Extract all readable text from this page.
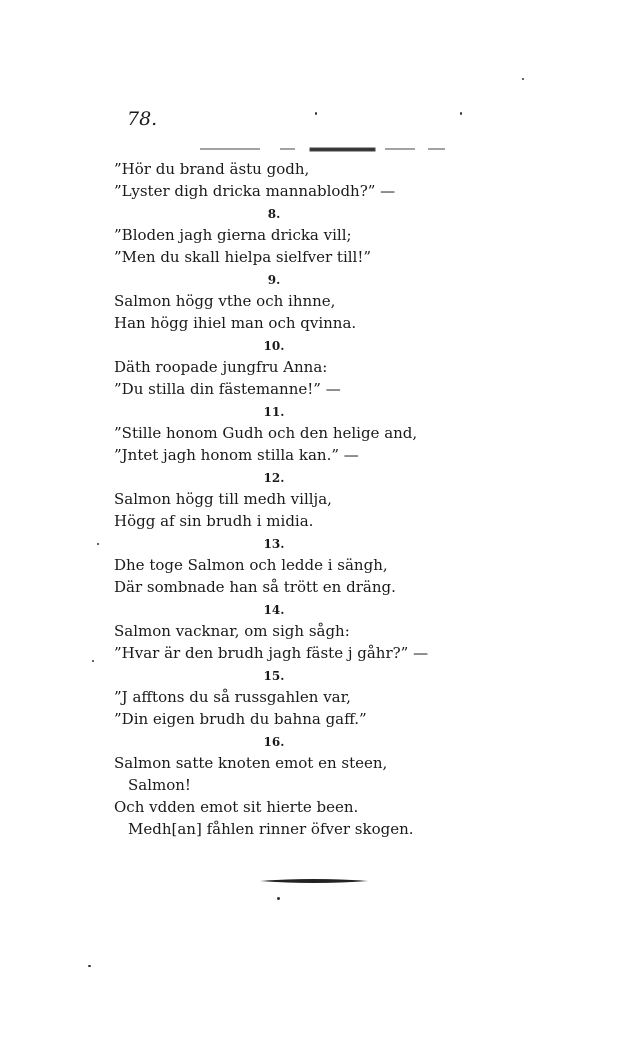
78.
”Hör du brand ästu godh,
”Lyster digh dricka mannablodh?” —
8.
”Bloden jagh gierna dricka vill;
”Men du skall hielpa sielfver till!”
9.
Salmon högg vthe och ihnne,
Han högg ihiel man och qvinna.
10.
Däth roopade jungfru Anna:
”Du stilla din fästemanne!” —
11.
”Stille honom Gudh och den helige and,
”Jntet jagh honom stilla kan.” —
12.
Salmon högg till medh villja,
Högg af sin brudh i midia.
13.
Dhe toge Salmon och ledde i sängh,
Där sombnade han så trött en dräng.
14.
Salmon vacknar, om sigh sågh:
”Hvar är den brudh jagh fäste j gåhr?” —
15.
”J afftons du så russgahlen var,
”Din eigen brudh du bahna gaff.”
16.
Salmon satte knoten emot en steen,
Salmon!
Och vdden emot sit hierte been.
Medh[an] fåhlen rinner öfver skogen.
